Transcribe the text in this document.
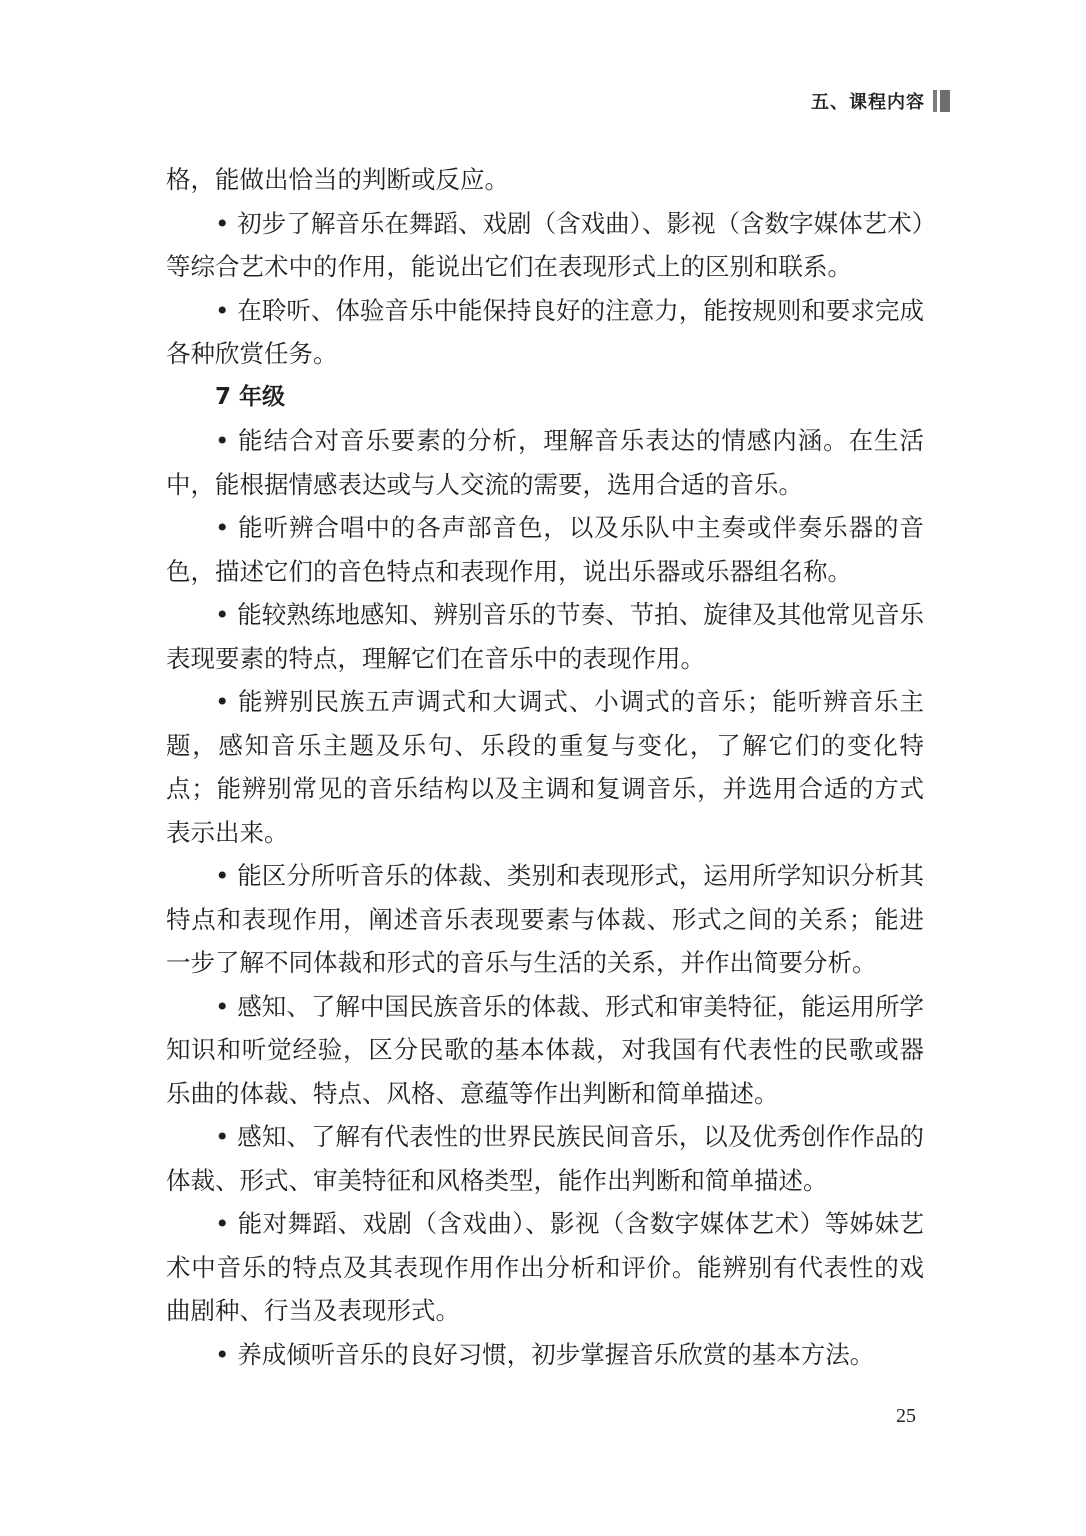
五、课程内容

格，能做出恰当的判断或反应。

• 初步了解音乐在舞蹈、戏剧（含戏曲）、影视（含数字媒体艺术）等综合艺术中的作用，能说出它们在表现形式上的区别和联系。

• 在聆听、体验音乐中能保持良好的注意力，能按规则和要求完成各种欣赏任务。

7 年级

• 能结合对音乐要素的分析，理解音乐表达的情感内涵。在生活中，能根据情感表达或与人交流的需要，选用合适的音乐。

• 能听辨合唱中的各声部音色，以及乐队中主奏或伴奏乐器的音色，描述它们的音色特点和表现作用，说出乐器或乐器组名称。

• 能较熟练地感知、辨别音乐的节奏、节拍、旋律及其他常见音乐表现要素的特点，理解它们在音乐中的表现作用。

• 能辨别民族五声调式和大调式、小调式的音乐；能听辨音乐主题，感知音乐主题及乐句、乐段的重复与变化，了解它们的变化特点；能辨别常见的音乐结构以及主调和复调音乐，并选用合适的方式表示出来。

• 能区分所听音乐的体裁、类别和表现形式，运用所学知识分析其特点和表现作用，阐述音乐表现要素与体裁、形式之间的关系；能进一步了解不同体裁和形式的音乐与生活的关系，并作出简要分析。

• 感知、了解中国民族音乐的体裁、形式和审美特征，能运用所学知识和听觉经验，区分民歌的基本体裁，对我国有代表性的民歌或器乐曲的体裁、特点、风格、意蕴等作出判断和简单描述。

• 感知、了解有代表性的世界民族民间音乐，以及优秀创作作品的体裁、形式、审美特征和风格类型，能作出判断和简单描述。

• 能对舞蹈、戏剧（含戏曲）、影视（含数字媒体艺术）等姊妹艺术中音乐的特点及其表现作用作出分析和评价。能辨别有代表性的戏曲剧种、行当及表现形式。

• 养成倾听音乐的良好习惯，初步掌握音乐欣赏的基本方法。

25
